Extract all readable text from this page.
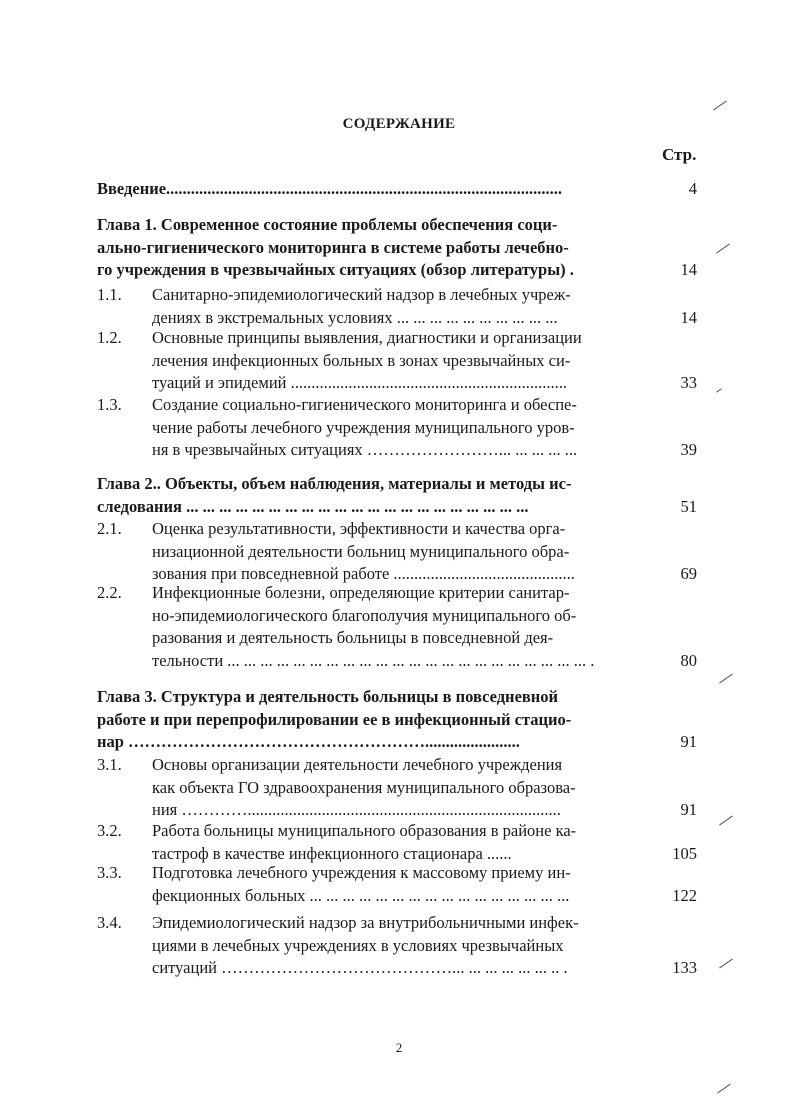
СОДЕРЖАНИЕ
Стр.
Введение................................................................................................	4
Глава 1. Современное состояние проблемы обеспечения соци-
ально-гигиенического мониторинга в системе работы лечебно-
го учреждения в чрезвычайных ситуациях (обзор литературы) .	14
1.1. Санитарно-эпидемиологический надзор в лечебных учреж-
дениях в экстремальных условиях ... ... ... ... ... ... ... ... ... ...	14
1.2. Основные принципы выявления, диагностики и организации
лечения инфекционных больных в зонах чрезвычайных си-
туаций и эпидемий ...................................................................	33
1.3. Создание социально-гигиенического мониторинга и обеспе-
чение работы лечебного учреждения муниципального уров-
ня в чрезвычайных ситуациях ……………………... ... ... ... ...	39
Глава 2.. Объекты, объем наблюдения, материалы и методы ис-
следования ... ... ... ... ... ... ... ... ... ... ... ... ... ... ... ... ... ... ... ... ...	51
2.1. Оценка результативности, эффективности и качества орга-
низационной деятельности больниц муниципального обра-
зования при повседневной работе ............................................	69
2.2. Инфекционные болезни, определяющие критерии санитар-
но-эпидемиологического благополучия муниципального об-
разования и деятельность больницы в повседневной дея-
тельности ... ... ... ... ... ... ... ... ... ... ... ... ... ... ... ... ... ... ... ... ... ... .	80
Глава 3. Структура и деятельность больницы в повседневной
работе и при перепрофилировании ее в инфекционный стацио-
нар ……………………………………………….......................	91
3.1. Основы организации деятельности лечебного учреждения
как объекта ГО здравоохранения муниципального образова-
ния …………............................................................................	91
3.2. Работа больницы муниципального образования в районе ка-
тастроф в качестве инфекционного стационара ......	105
3.3. Подготовка лечебного учреждения к массовому приему ин-
фекционных больных ... ... ... ... ... ... ... ... ... ... ... ... ... ... ... ...	122
3.4. Эпидемиологический надзор за внутрибольничными инфек-
циями в лечебных учреждениях в условиях чрезвычайных
ситуаций ……………………………………... ... ... ... ... ... .. .	133
2
